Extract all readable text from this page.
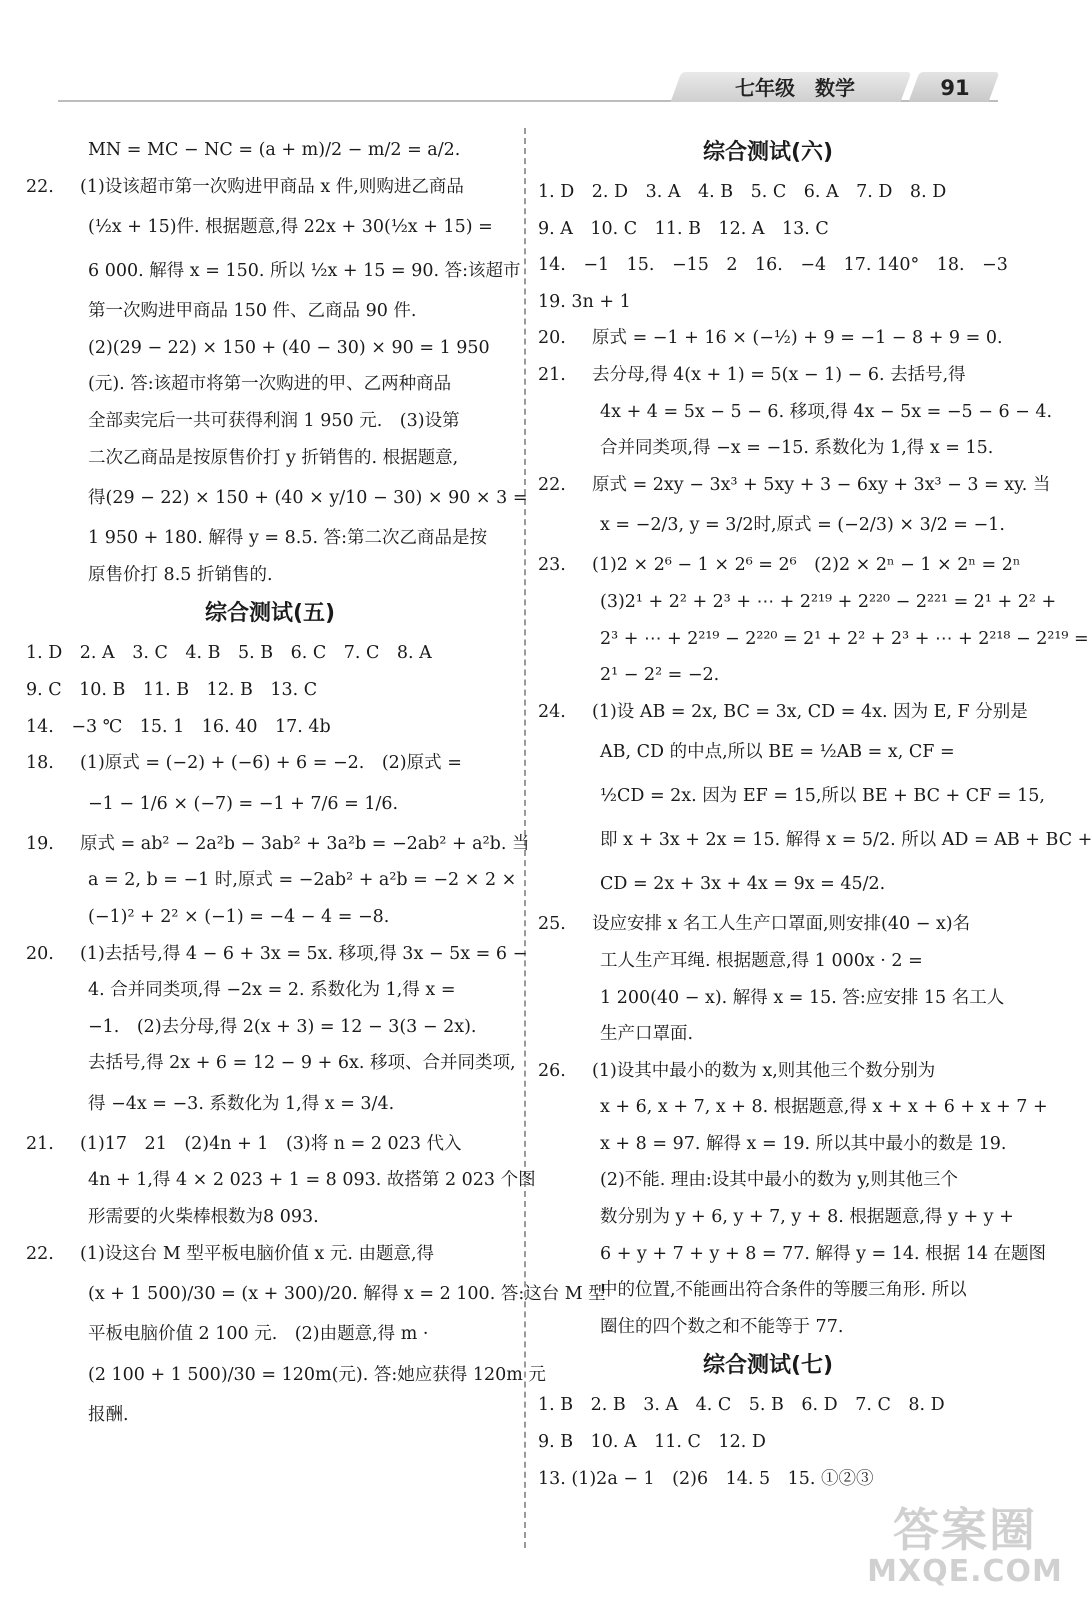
七年级　数学	91
MN = MC − NC = (a + m)/2 − m/2 = a/2.
22. (1)设该超市第一次购进甲商品 x 件,则购进乙商品
(½x + 15)件. 根据题意,得 22x + 30(½x + 15) =
6 000. 解得 x = 150. 所以 ½x + 15 = 90. 答:该超市
第一次购进甲商品 150 件、乙商品 90 件.
(2)(29 − 22) × 150 + (40 − 30) × 90 = 1 950
(元). 答:该超市将第一次购进的甲、乙两种商品
全部卖完后一共可获得利润 1 950 元.　(3)设第
二次乙商品是按原售价打 y 折销售的. 根据题意,
得(29 − 22) × 150 + (40 × y/10 − 30) × 90 × 3 =
1 950 + 180. 解得 y = 8.5. 答:第二次乙商品是按
原售价打 8.5 折销售的.
综合测试(五)
1. D　2. A　3. C　4. B　5. B　6. C　7. C　8. A
9. C　10. B　11. B　12. B　13. C
14.　−3 ℃　15. 1　16. 40　17. 4b
18. (1)原式 = (−2) + (−6) + 6 = −2.　(2)原式 =
−1 − 1/6 × (−7) = −1 + 7/6 = 1/6.
19. 原式 = ab² − 2a²b − 3ab² + 3a²b = −2ab² + a²b. 当
a = 2, b = −1 时,原式 = −2ab² + a²b = −2 × 2 ×
(−1)² + 2² × (−1) = −4 − 4 = −8.
20. (1)去括号,得 4 − 6 + 3x = 5x. 移项,得 3x − 5x = 6 −
4. 合并同类项,得 −2x = 2. 系数化为 1,得 x =
−1.　(2)去分母,得 2(x + 3) = 12 − 3(3 − 2x).
去括号,得 2x + 6 = 12 − 9 + 6x. 移项、合并同类项,
得 −4x = −3. 系数化为 1,得 x = 3/4.
21. (1)17　21　(2)4n + 1　(3)将 n = 2 023 代入
4n + 1,得 4 × 2 023 + 1 = 8 093. 故搭第 2 023 个图
形需要的火柴棒根数为8 093.
22. (1)设这台 M 型平板电脑价值 x 元. 由题意,得
(x + 1 500)/30 = (x + 300)/20. 解得 x = 2 100. 答:这台 M 型
平板电脑价值 2 100 元.　(2)由题意,得 m ·
(2 100 + 1 500)/30 = 120m(元). 答:她应获得 120m 元
报酬.
综合测试(六)
1. D　2. D　3. A　4. B　5. C　6. A　7. D　8. D
9. A　10. C　11. B　12. A　13. C
14.　−1　15.　−15　2　16.　−4　17. 140°　18.　−3
19. 3n + 1
20. 原式 = −1 + 16 × (−½) + 9 = −1 − 8 + 9 = 0.
21. 去分母,得 4(x + 1) = 5(x − 1) − 6. 去括号,得
4x + 4 = 5x − 5 − 6. 移项,得 4x − 5x = −5 − 6 − 4.
合并同类项,得 −x = −15. 系数化为 1,得 x = 15.
22. 原式 = 2xy − 3x³ + 5xy + 3 − 6xy + 3x³ − 3 = xy. 当
x = −2/3, y = 3/2时,原式 = (−2/3) × 3/2 = −1.
23. (1)2 × 2⁶ − 1 × 2⁶ = 2⁶　(2)2 × 2ⁿ − 1 × 2ⁿ = 2ⁿ
(3)2¹ + 2² + 2³ + ⋯ + 2²¹⁹ + 2²²⁰ − 2²²¹ = 2¹ + 2² +
2³ + ⋯ + 2²¹⁹ − 2²²⁰ = 2¹ + 2² + 2³ + ⋯ + 2²¹⁸ − 2²¹⁹ =
2¹ − 2² = −2.
24. (1)设 AB = 2x, BC = 3x, CD = 4x. 因为 E, F 分别是
AB, CD 的中点,所以 BE = ½AB = x, CF =
½CD = 2x. 因为 EF = 15,所以 BE + BC + CF = 15,
即 x + 3x + 2x = 15. 解得 x = 5/2. 所以 AD = AB + BC +
CD = 2x + 3x + 4x = 9x = 45/2.
25. 设应安排 x 名工人生产口罩面,则安排(40 − x)名
工人生产耳绳. 根据题意,得 1 000x · 2 =
1 200(40 − x). 解得 x = 15. 答:应安排 15 名工人
生产口罩面.
26. (1)设其中最小的数为 x,则其他三个数分别为
x + 6, x + 7, x + 8. 根据题意,得 x + x + 6 + x + 7 +
x + 8 = 97. 解得 x = 19. 所以其中最小的数是 19.
(2)不能. 理由:设其中最小的数为 y,则其他三个
数分别为 y + 6, y + 7, y + 8. 根据题意,得 y + y +
6 + y + 7 + y + 8 = 77. 解得 y = 14. 根据 14 在题图
中的位置,不能画出符合条件的等腰三角形. 所以
圈住的四个数之和不能等于 77.
综合测试(七)
1. B　2. B　3. A　4. C　5. B　6. D　7. C　8. D
9. B　10. A　11. C　12. D
13. (1)2a − 1　(2)6　14. 5　15. ①②③
答案圈
MXQE.COM
